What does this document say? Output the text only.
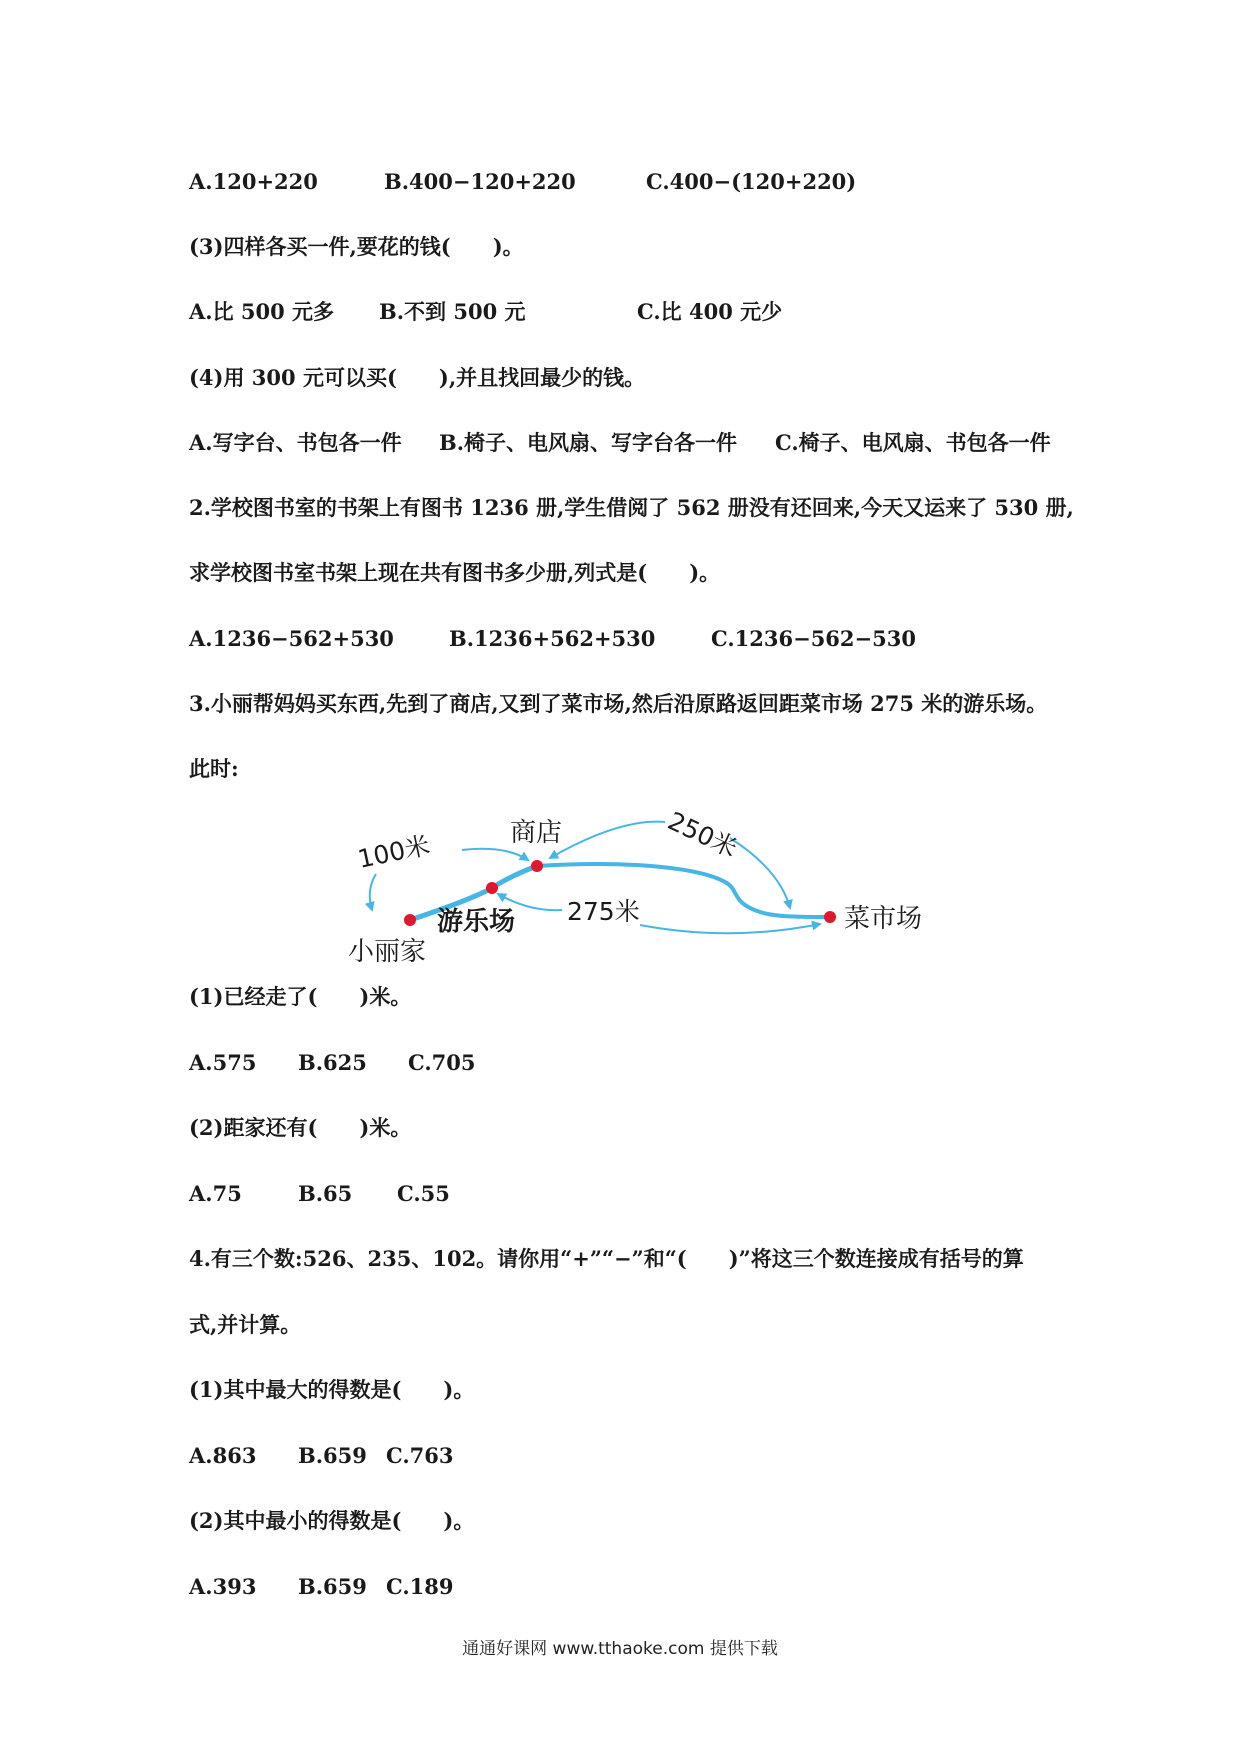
A.120+220	B.400−120+220	C.400−(120+220)
(3)四样各买一件,要花的钱(　　)。
A.比 500 元多 B.不到 500 元	C.比 400 元少
(4)用 300 元可以买(　　),并且找回最少的钱。
A.写字台、书包各一件 B.椅子、电风扇、写字台各一件 C.椅子、电风扇、书包各一件
2.学校图书室的书架上有图书 1236 册,学生借阅了 562 册没有还回来,今天又运来了 530 册,
求学校图书室书架上现在共有图书多少册,列式是(　　)。
A.1236−562+530	B.1236+562+530	C.1236−562−530
3.小丽帮妈妈买东西,先到了商店,又到了菜市场,然后沿原路返回距菜市场 275 米的游乐场。
此时:
小丽家
游乐场
商店
菜市场
100米	250米
275米
(1)已经走了(　　)米。
A.575 B.625 C.705
(2)距家还有(　　)米。
A.75	B.65 C.55
4.有三个数:526、235、102。请你用“+”“−”和“(　　)”将这三个数连接成有括号的算
式,并计算。
(1)其中最大的得数是(　　)。
A.863 B.659 C.763
(2)其中最小的得数是(　　)。
A.393 B.659 C.189
通通好课网 www.tthaoke.com 提供下载
